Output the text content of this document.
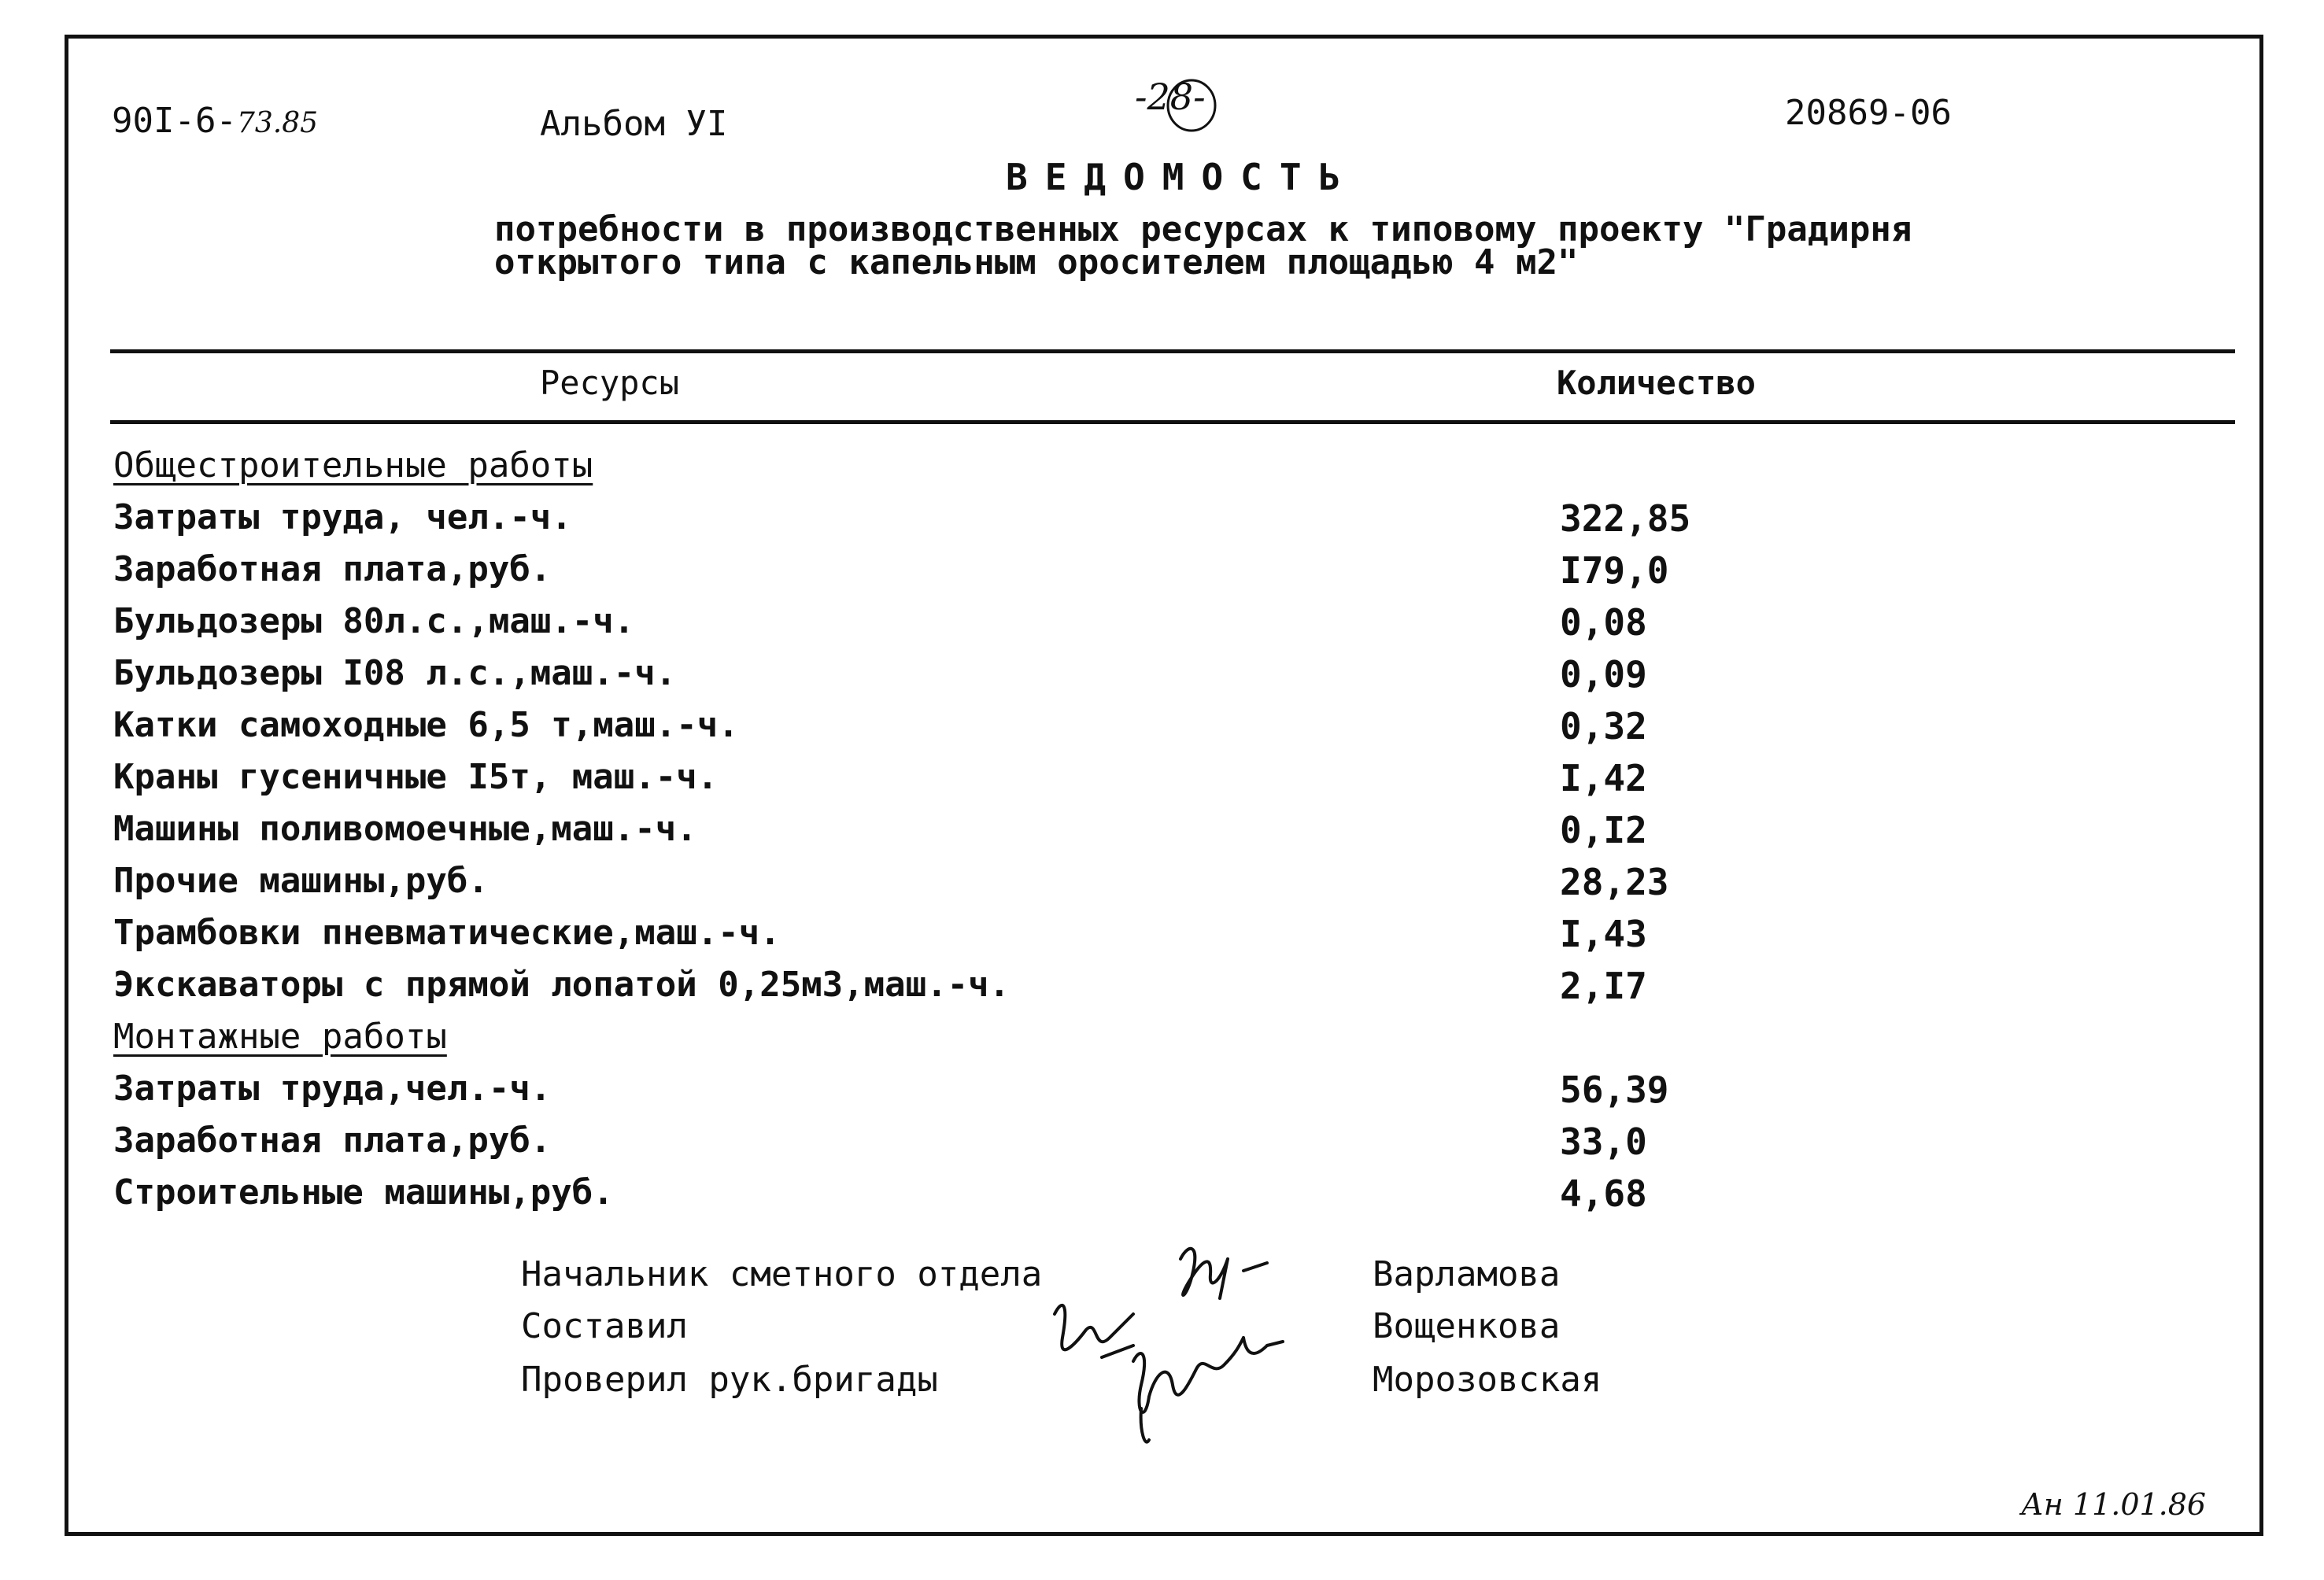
90I-6-73.85	Альбом УI
-28-	20869-06
ВЕДОМОСТЬ
потребности в производственных ресурсах к типовому проекту "Градирня
открытого типа с капельным оросителем площадью 4 м2"
Ресурсы	Количество
Общестроительные работы
Затраты труда, чел.-ч.	322,85
Заработная плата,руб.	I79,0
Бульдозеры 80л.с.,маш.-ч.	0,08
Бульдозеры I08 л.с.,маш.-ч.	0,09
Катки самоходные 6,5 т,маш.-ч.	0,32
Краны гусеничные I5т, маш.-ч.	I,42
Машины поливомоечные,маш.-ч.	0,I2
Прочие машины,руб.	28,23
Трамбовки пневматические,маш.-ч.	I,43
Экскаваторы с прямой лопатой 0,25м3,маш.-ч.	2,I7
Монтажные работы
Затраты труда,чел.-ч.	56,39
Заработная плата,руб.	33,0
Строительные машины,руб.	4,68
Начальник сметного отдела	Варламова
Составил	Вощенкова
Проверил рук.бригады	Морозовская
Ан 11.01.86
